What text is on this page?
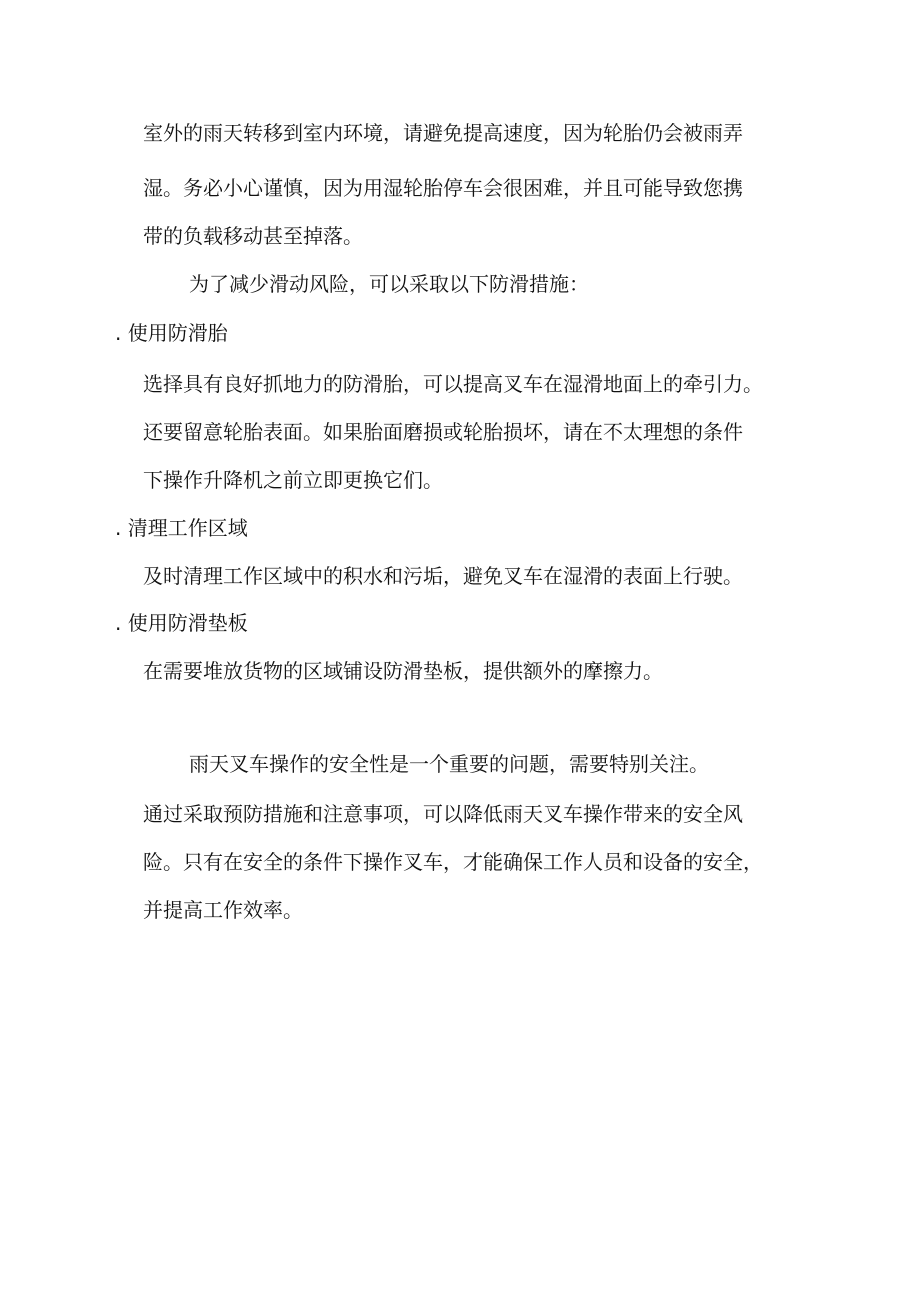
室外的雨天转移到室内环境，请避免提高速度，因为轮胎仍会被雨弄
湿。务必小心谨慎，因为用湿轮胎停车会很困难，并且可能导致您携
带的负载移动甚至掉落。
为了减少滑动风险，可以采取以下防滑措施：
. 使用防滑胎
选择具有良好抓地力的防滑胎，可以提高叉车在湿滑地面上的牵引力。
还要留意轮胎表面。如果胎面磨损或轮胎损坏，请在不太理想的条件
下操作升降机之前立即更换它们。
. 清理工作区域
及时清理工作区域中的积水和污垢，避免叉车在湿滑的表面上行驶。
. 使用防滑垫板
在需要堆放货物的区域铺设防滑垫板，提供额外的摩擦力。
雨天叉车操作的安全性是一个重要的问题，需要特别关注。
通过采取预防措施和注意事项，可以降低雨天叉车操作带来的安全风
险。只有在安全的条件下操作叉车，才能确保工作人员和设备的安全，
并提高工作效率。
